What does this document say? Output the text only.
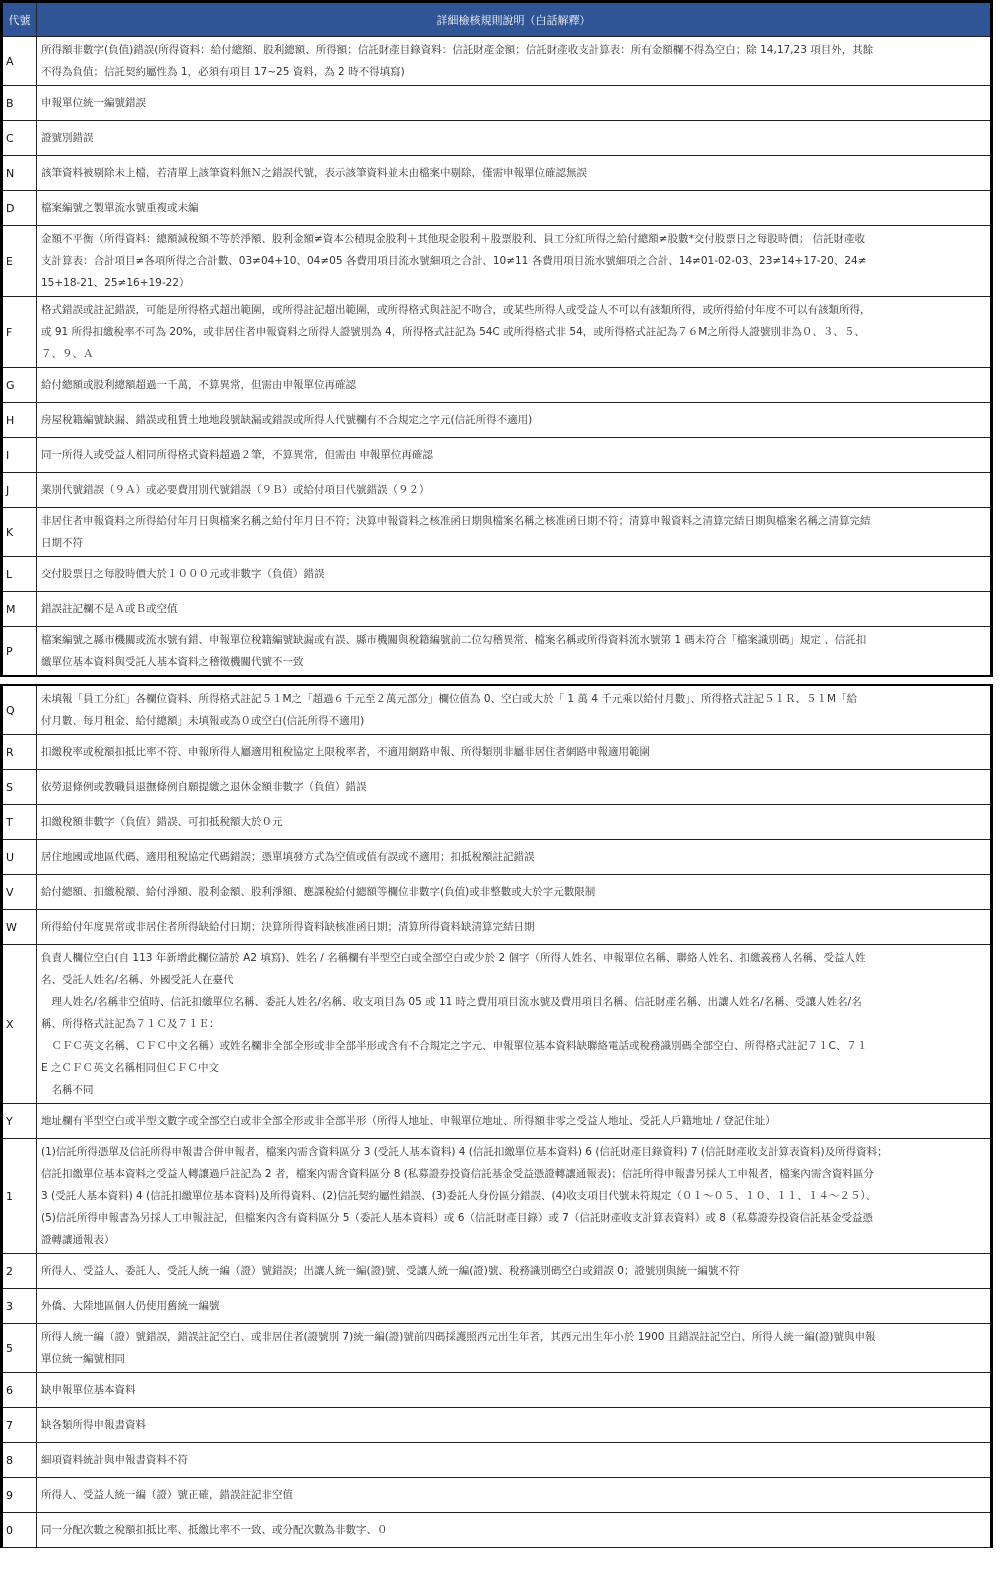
代號	詳細檢核規則說明（白話解釋）
A	所得額非數字(負值)錯誤(所得資料：給付總額、股利總額、所得額；信託財產目錄資料：信託財產金額；信託財產收支計算表：所有金額欄不得為空白；除 14,17,23 項目外，其餘
不得為負值；信託契約屬性為 1，必須有項目 17~25 資料，為 2 時不得填寫)

B	申報單位統一編號錯誤

C	證號別錯誤

N	該筆資料被剔除未上檔，若清單上該筆資料無Ｎ之錯誤代號，表示該筆資料並未由檔案中剔除，僅需申報單位確認無誤

D	檔案編號之製單流水號重複或未編

E	金額不平衡（所得資料：總額減稅額不等於淨額、股利金額≠資本公積現金股利＋其他現金股利＋股票股利、員工分紅所得之給付總額≠股數*交付股票日之每股時價； 信託財產收
支計算表：合計項目≠各項所得之合計數、03≠04+10、04≠05 各費用項目流水號細項之合計、10≠11 各費用項目流水號細項之合計、14≠01-02-03、23≠14+17-20、24≠
15+18-21、25≠16+19-22）

F	格式錯誤或註記錯誤，可能是所得格式超出範圍，或所得註記超出範圍，或所得格式與註記不吻合，或某些所得人或受益人不可以有該類所得，或所得給付年度不可以有該類所得，
或 91 所得扣繳稅率不可為 20%，或非居住者申報資料之所得人證號別為 4，所得格式註記為 54C 或所得格式非 54，或所得格式註記為７６M之所得人證號別非為０、３、５、
７、９、Ａ

G	給付總額或股利總額超過一千萬，不算異常，但需由申報單位再確認

H	房屋稅籍編號缺漏、錯誤或租賃土地地段號缺漏或錯誤或所得人代號欄有不合規定之字元(信託所得不適用)

I	同一所得人或受益人相同所得格式資料超過２筆，不算異常，但需由 申報單位再確認

J	業別代號錯誤（９Ａ）或必要費用別代號錯誤（９Ｂ）或給付項目代號錯誤（９２）

K	非居住者申報資料之所得給付年月日與檔案名稱之給付年月日不符；決算申報資料之核准函日期與檔案名稱之核准函日期不符；清算申報資料之清算完結日期與檔案名稱之清算完結
日期不符

L	交付股票日之每股時價大於１０００元或非數字（負值）錯誤

M	錯誤註記欄不是Ａ或Ｂ或空值

P	檔案編號之縣市機關或流水號有錯、申報單位稅籍編號缺漏或有誤、縣市機關與稅籍編號前二位勾稽異常、檔案名稱或所得資料流水號第 1 碼未符合「檔案識別碼」規定 、信託扣
繳單位基本資料與受託人基本資料之稽徵機關代號不一致
Q	未填報「員工分紅」各欄位資料、所得格式註記５１M之「超過６千元至２萬元部分」欄位值為 0、空白或大於「 1 萬 4 千元乘以給付月數」、所得格式註記５１Ｒ、５１M「給
付月數、每月租金、給付總額」未填報或為０或空白(信託所得不適用)

R	扣繳稅率或稅額扣抵比率不符、申報所得人屬適用租稅協定上限稅率者，不適用網路申報、所得類別非屬非居住者網路申報適用範圍

S	依勞退條例或教職員退撫條例自願提繳之退休金額非數字（負值）錯誤

T	扣繳稅額非數字（負值）錯誤、可扣抵稅額大於０元

U	居住地國或地區代碼、適用租稅協定代碼錯誤；憑單填發方式為空值或值有誤或不適用；扣抵稅額註記錯誤

V	給付總額、扣繳稅額、給付淨額、股利金額、股利淨額、應課稅給付總額等欄位非數字(負值)或非整數或大於字元數限制

W	所得給付年度異常或非居住者所得缺給付日期；決算所得資料缺核准函日期；清算所得資料缺清算完結日期

X	
負責人欄位空白(自 113 年新增此欄位請於 A2 填寫)、姓名 / 名稱欄有半型空白或全部空白或少於 2 個字（所得人姓名、申報單位名稱、聯絡人姓名、扣繳義務人名稱、受益人姓
名、受託人姓名/名稱、外國受託人在臺代
　理人姓名/名稱非空值時、信託扣繳單位名稱、委託人姓名/名稱、收支項目為 05 或 11 時之費用項目流水號及費用項目名稱、信託財產名稱、出讓人姓名/名稱、受讓人姓名/名
稱、所得格式註記為７１Ｃ及７１Ｅ：
　ＣＦＣ英文名稱、ＣＦＣ中文名稱）或姓名欄非全部全形或非全部半形或含有不合規定之字元、申報單位基本資料缺聯絡電話或稅務識別碼全部空白、所得格式註記７１C、７１
E 之ＣＦＣ英文名稱相同但ＣＦＣ中文
　名稱不同

Y	地址欄有半型空白或半型文數字或全部空白或非全部全形或非全部半形（所得人地址、申報單位地址、所得額非零之受益人地址、受託人戶籍地址 / 登記住址）

1	(1)信託所得憑單及信託所得申報書合併申報者，檔案內需含資料區分 3 (受託人基本資料) 4 (信託扣繳單位基本資料) 6 (信託財產目錄資料) 7 (信託財產收支計算表資料)及所得資料；
信託扣繳單位基本資料之受益人轉讓過戶註記為 2 者，檔案內需含資料區分 8 (私募證券投資信託基金受益憑證轉讓通報表)；信託所得申報書另採人工申報者，檔案內需含資料區分
3 (受託人基本資料) 4 (信託扣繳單位基本資料)及所得資料、(2)信託契約屬性錯誤、(3)委託人身份區分錯誤、(4)收支項目代號未符規定（０１～０５、１０、１１、１４～２５）、
(5)信託所得申報書為另採人工申報註記，但檔案內含有資料區分 5（委託人基本資料）或 6（信託財產目錄）或 7（信託財產收支計算表資料）或 8（私募證券投資信託基金受益憑
證轉讓通報表）

2	所得人、受益人、委託人、受託人統一編（證）號錯誤；出讓人統一編(證)號、受讓人統一編(證)號、稅務識別碼空白或錯誤 0；證號別與統一編號不符

3	外僑、大陸地區個人仍使用舊統一編號

5	所得人統一編（證）號錯誤，錯誤註記空白、或非居住者(證號別 7)統一編(證)號前四碼採護照西元出生年者，其西元出生年小於 1900 且錯誤註記空白、所得人統一編(證)號與申報
單位統一編號相同

6	缺申報單位基本資料

7	缺各類所得申報書資料

8	細項資料統計與申報書資料不符

9	所得人、受益人統一編（證）號正確，錯誤註記非空值

0	同一分配次數之稅額扣抵比率、抵繳比率不一致、或分配次數為非數字、０
